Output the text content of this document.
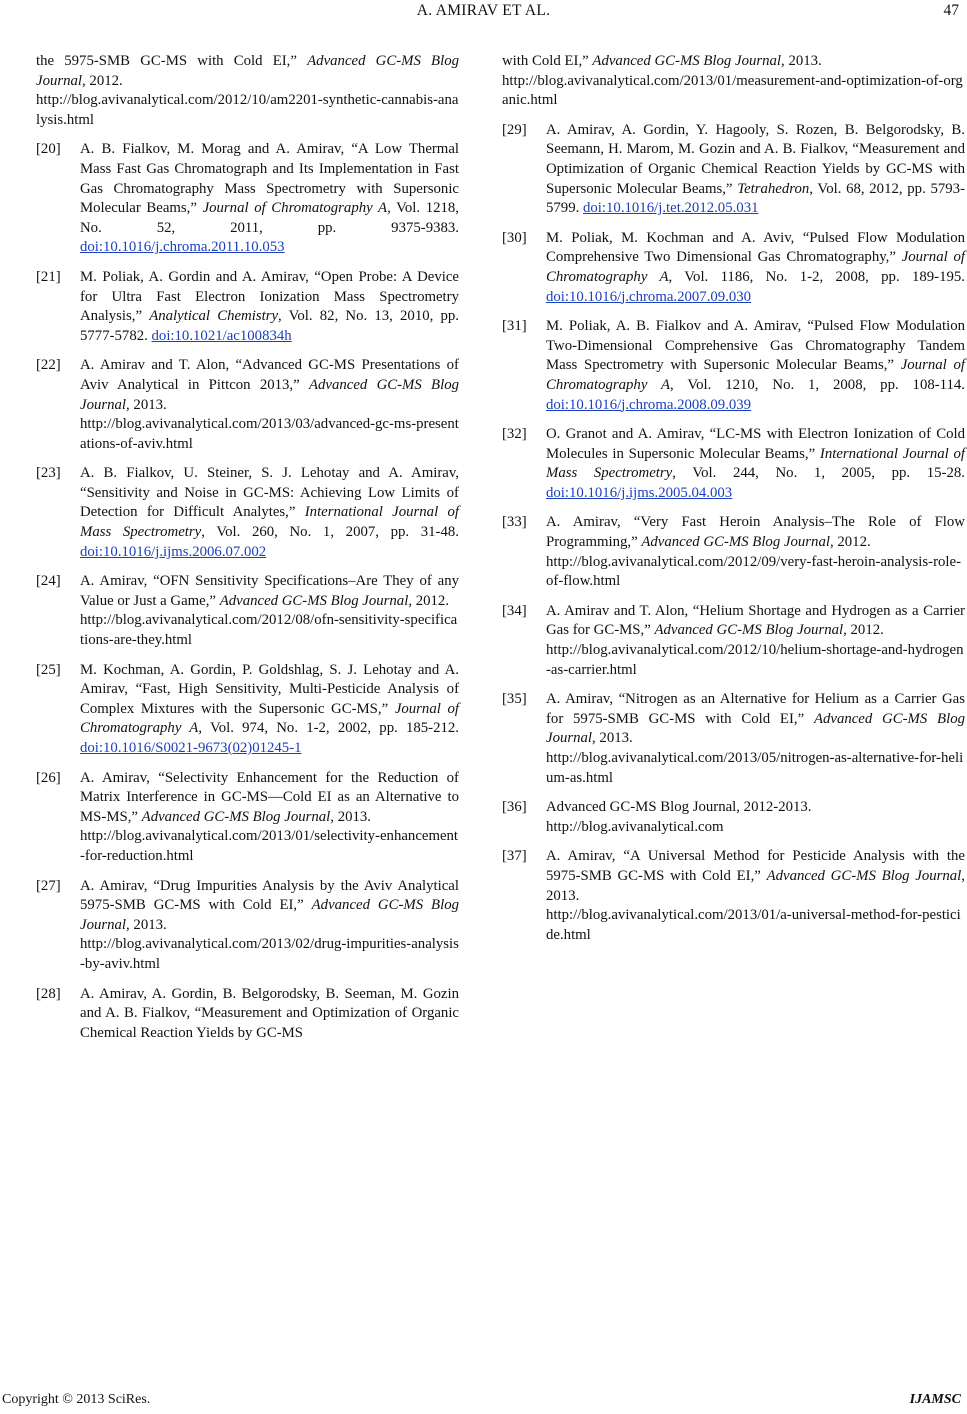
A. AMIRAV ET AL.	47
the 5975-SMB GC-MS with Cold EI,” Advanced GC-MS Blog Journal, 2012.
http://blog.avivanalytical.com/2012/10/am2201-synthetic-cannabis-analysis.html
[20] A. B. Fialkov, M. Morag and A. Amirav, “A Low Thermal Mass Fast Gas Chromatograph and Its Implementation in Fast Gas Chromatography Mass Spectrometry with Supersonic Molecular Beams,” Journal of Chromatography A, Vol. 1218, No. 52, 2011, pp. 9375-9383. doi:10.1016/j.chroma.2011.10.053
[21] M. Poliak, A. Gordin and A. Amirav, “Open Probe: A Device for Ultra Fast Electron Ionization Mass Spectrometry Analysis,” Analytical Chemistry, Vol. 82, No. 13, 2010, pp. 5777-5782. doi:10.1021/ac100834h
[22] A. Amirav and T. Alon, “Advanced GC-MS Presentations of Aviv Analytical in Pittcon 2013,” Advanced GC-MS Blog Journal, 2013.
http://blog.avivanalytical.com/2013/03/advanced-gc-ms-presentations-of-aviv.html
[23] A. B. Fialkov, U. Steiner, S. J. Lehotay and A. Amirav, “Sensitivity and Noise in GC-MS: Achieving Low Limits of Detection for Difficult Analytes,” International Journal of Mass Spectrometry, Vol. 260, No. 1, 2007, pp. 31-48. doi:10.1016/j.ijms.2006.07.002
[24] A. Amirav, “OFN Sensitivity Specifications–Are They of any Value or Just a Game,” Advanced GC-MS Blog Journal, 2012.
http://blog.avivanalytical.com/2012/08/ofn-sensitivity-specifications-are-they.html
[25] M. Kochman, A. Gordin, P. Goldshlag, S. J. Lehotay and A. Amirav, “Fast, High Sensitivity, Multi-Pesticide Analysis of Complex Mixtures with the Supersonic GC-MS,” Journal of Chromatography A, Vol. 974, No. 1-2, 2002, pp. 185-212. doi:10.1016/S0021-9673(02)01245-1
[26] A. Amirav, “Selectivity Enhancement for the Reduction of Matrix Interference in GC-MS—Cold EI as an Alternative to MS-MS,” Advanced GC-MS Blog Journal, 2013.
http://blog.avivanalytical.com/2013/01/selectivity-enhancement-for-reduction.html
[27] A. Amirav, “Drug Impurities Analysis by the Aviv Analytical 5975-SMB GC-MS with Cold EI,” Advanced GC-MS Blog Journal, 2013.
http://blog.avivanalytical.com/2013/02/drug-impurities-analysis-by-aviv.html
[28] A. Amirav, A. Gordin, B. Belgorodsky, B. Seeman, M. Gozin and A. B. Fialkov, “Measurement and Optimization of Organic Chemical Reaction Yields by GC-MS
with Cold EI,” Advanced GC-MS Blog Journal, 2013.
http://blog.avivanalytical.com/2013/01/measurement-and-optimization-of-organic.html
[29] A. Amirav, A. Gordin, Y. Hagooly, S. Rozen, B. Belgorodsky, B. Seemann, H. Marom, M. Gozin and A. B. Fialkov, “Measurement and Optimization of Organic Chemical Reaction Yields by GC-MS with Supersonic Molecular Beams,” Tetrahedron, Vol. 68, 2012, pp. 5793-5799. doi:10.1016/j.tet.2012.05.031
[30] M. Poliak, M. Kochman and A. Aviv, “Pulsed Flow Modulation Comprehensive Two Dimensional Gas Chromatography,” Journal of Chromatography A, Vol. 1186, No. 1-2, 2008, pp. 189-195. doi:10.1016/j.chroma.2007.09.030
[31] M. Poliak, A. B. Fialkov and A. Amirav, “Pulsed Flow Modulation Two-Dimensional Comprehensive Gas Chromatography Tandem Mass Spectrometry with Supersonic Molecular Beams,” Journal of Chromatography A, Vol. 1210, No. 1, 2008, pp. 108-114. doi:10.1016/j.chroma.2008.09.039
[32] O. Granot and A. Amirav, “LC-MS with Electron Ionization of Cold Molecules in Supersonic Molecular Beams,” International Journal of Mass Spectrometry, Vol. 244, No. 1, 2005, pp. 15-28. doi:10.1016/j.ijms.2005.04.003
[33] A. Amirav, “Very Fast Heroin Analysis–The Role of Flow Programming,” Advanced GC-MS Blog Journal, 2012.
http://blog.avivanalytical.com/2012/09/very-fast-heroin-analysis-role-of-flow.html
[34] A. Amirav and T. Alon, “Helium Shortage and Hydrogen as a Carrier Gas for GC-MS,” Advanced GC-MS Blog Journal, 2012.
http://blog.avivanalytical.com/2012/10/helium-shortage-and-hydrogen-as-carrier.html
[35] A. Amirav, “Nitrogen as an Alternative for Helium as a Carrier Gas for 5975-SMB GC-MS with Cold EI,” Advanced GC-MS Blog Journal, 2013.
http://blog.avivanalytical.com/2013/05/nitrogen-as-alternative-for-helium-as.html
[36] Advanced GC-MS Blog Journal, 2012-2013.
http://blog.avivanalytical.com
[37] A. Amirav, “A Universal Method for Pesticide Analysis with the 5975-SMB GC-MS with Cold EI,” Advanced GC-MS Blog Journal, 2013.
http://blog.avivanalytical.com/2013/01/a-universal-method-for-pesticide.html
Copyright © 2013 SciRes.	IJAMSC
